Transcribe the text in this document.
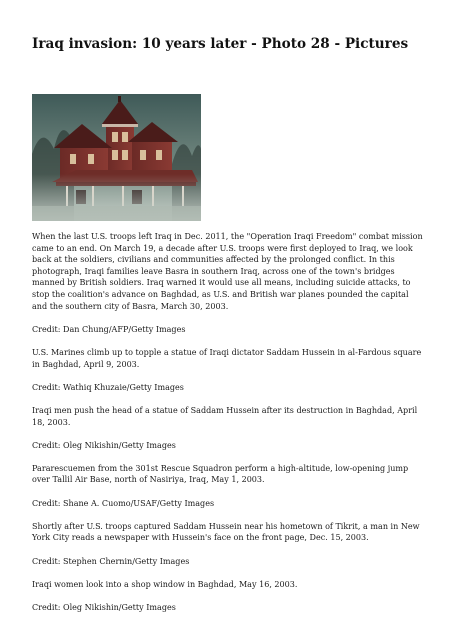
Iraq invasion: 10 years later - Photo 28 - Pictures

When the last U.S. troops left Iraq in Dec. 2011, the "Operation Iraqi Freedom" combat mission came to an end. On March 19, a decade after U.S. troops were first deployed to Iraq, we look back at the soldiers, civilians and communities affected by the prolonged conflict. In this photograph, Iraqi families leave Basra in southern Iraq, across one of the town's bridges manned by British soldiers. Iraq warned it would use all means, including suicide attacks, to stop the coalition's advance on Baghdad, as U.S. and British war planes pounded the capital and the southern city of Basra, March 30, 2003.

Credit: Dan Chung/AFP/Getty Images

U.S. Marines climb up to topple a statue of Iraqi dictator Saddam Hussein in al-Fardous square in Baghdad, April 9, 2003.

Credit: Wathiq Khuzaie/Getty Images

Iraqi men push the head of a statue of Saddam Hussein after its destruction in Baghdad, April 18, 2003.

Credit: Oleg Nikishin/Getty Images

Pararescuemen from the 301st Rescue Squadron perform a high-altitude, low-opening jump over Tallil Air Base, north of Nasiriya, Iraq, May 1, 2003.

Credit: Shane A. Cuomo/USAF/Getty Images

Shortly after U.S. troops captured Saddam Hussein near his hometown of Tikrit, a man in New York City reads a newspaper with Hussein's face on the front page, Dec. 15, 2003.

Credit: Stephen Chernin/Getty Images

Iraqi women look into a shop window in Baghdad, May 16, 2003.

Credit: Oleg Nikishin/Getty Images
